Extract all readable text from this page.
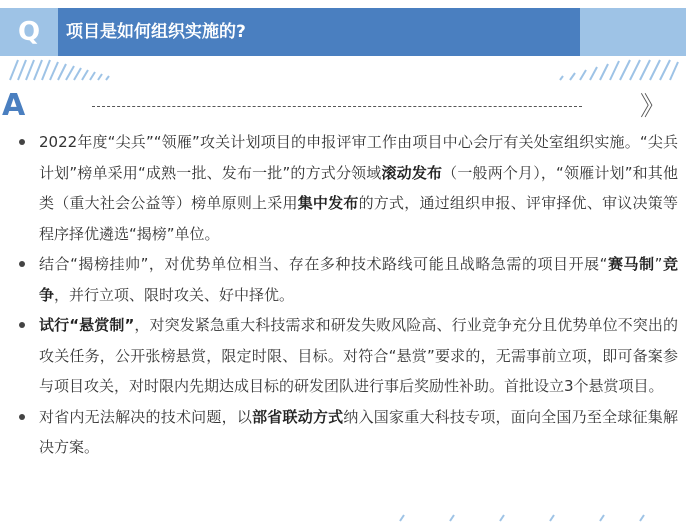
Q	项目是如何组织实施的?
A	》
2022年度“尖兵”“领雁”攻关计划项目的申报评审工作由项目中心会厅有关处室组织实施。“尖兵计划”榜单采用“成熟一批、发布一批”的方式分领域滚动发布（一般两个月），“领雁计划”和其他类（重大社会公益等）榜单原则上采用集中发布的方式，通过组织申报、评审择优、审议决策等程序择优遴选“揭榜”单位。
结合“揭榜挂帅”，对优势单位相当、存在多种技术路线可能且战略急需的项目开展“赛马制”竞争，并行立项、限时攻关、好中择优。
试行“悬赏制”，对突发紧急重大科技需求和研发失败风险高、行业竞争充分且优势单位不突出的攻关任务，公开张榜悬赏，限定时限、目标。对符合“悬赏”要求的，无需事前立项，即可备案参与项目攻关，对时限内先期达成目标的研发团队进行事后奖励性补助。首批设立3个悬赏项目。
对省内无法解决的技术问题，以部省联动方式纳入国家重大科技专项，面向全国乃至全球征集解决方案。
